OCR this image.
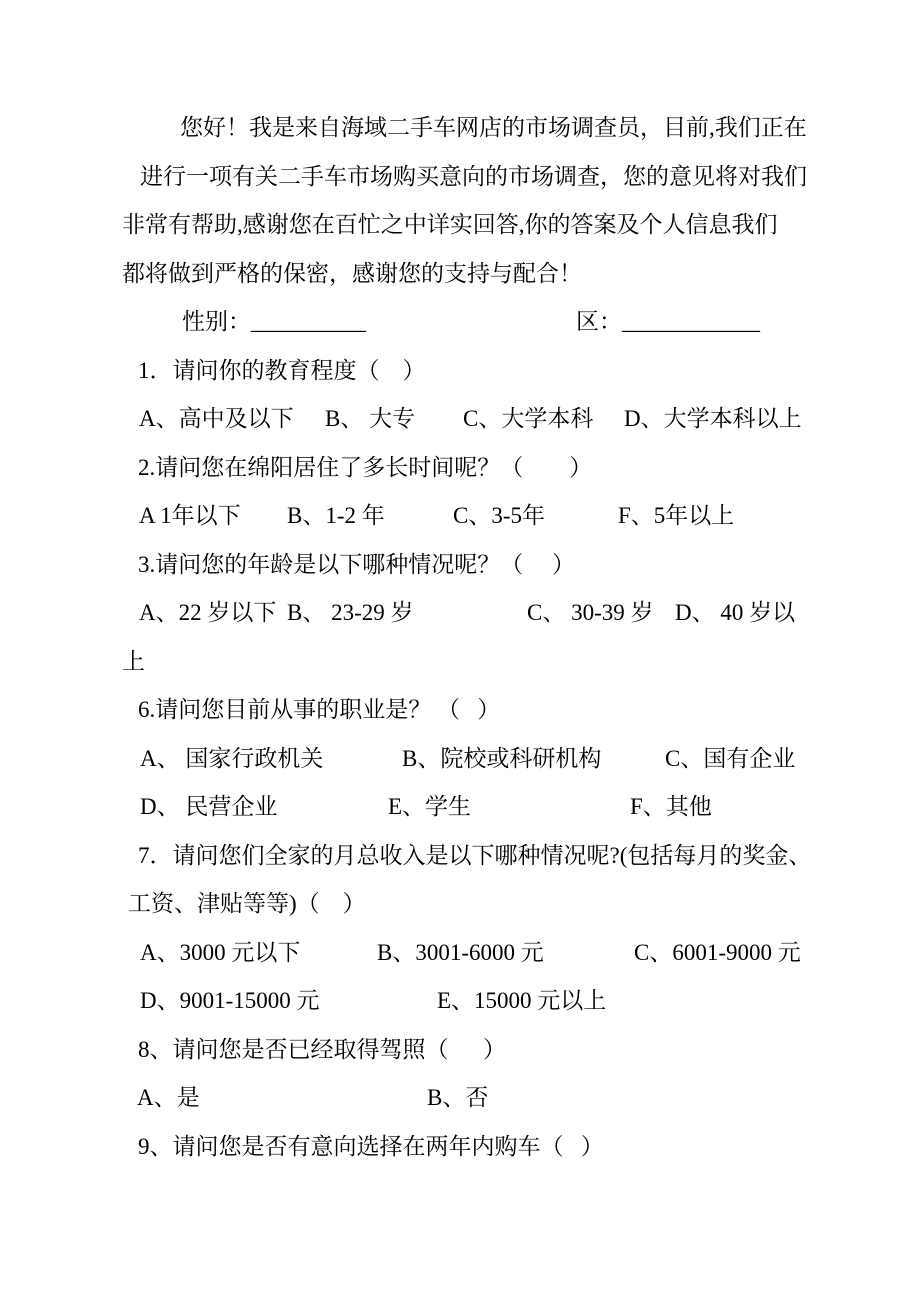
您好！我是来自海域二手车网店的市场调查员，目前,我们正在

进行一项有关二手车市场购买意向的市场调查，您的意见将对我们

非常有帮助,感谢您在百忙之中详实回答,你的答案及个人信息我们

都将做到严格的保密，感谢您的支持与配合！

性别：__________

	区：____________

1．请问你的教育程度（    ）

A、高中及以下

B、 大专

C、大学本科

D、大学本科以上

2.请问您在绵阳居住了多长时间呢？（        ）

A 1年以下

B、1-2 年

	C、3-5年

	F、5年以上

3.请问您的年龄是以下哪种情况呢？（     ）

A、22 岁以下

B、 23-29 岁

	C、 30-39 岁

D、 40 岁以

上

6.请问您目前从事的职业是？ （   ）

A、 国家行政机关

	B、院校或科研机构

	C、国有企业

D、 民营企业

	E、学生

	F、其他

7．请问您们全家的月总收入是以下哪种情况呢?(包括每月的奖金、

工资、津贴等等)（    ）

A、3000 元以下

	B、3001-6000 元

	C、6001-9000 元

D、9001-15000 元

	E、15000 元以上

8、请问您是否已经取得驾照（      ）

A、是

	B、否

9、请问您是否有意向选择在两年内购车（   ）
